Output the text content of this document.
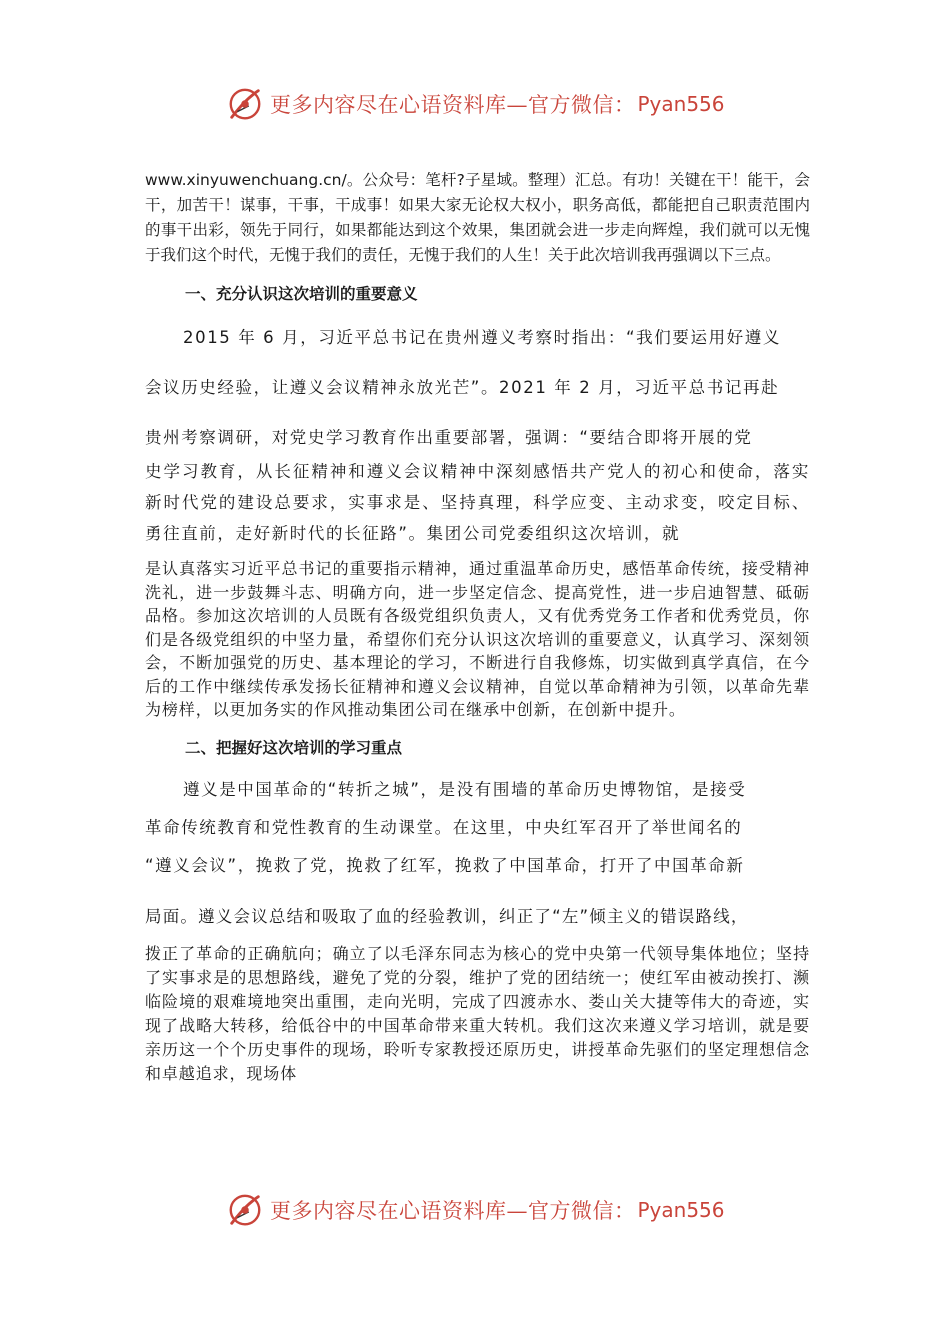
更多内容尽在心语资料库—官方微信： Pyan556

www.xinyuwenchuang.cn/。公众号：笔杆?子星域。整理）汇总。有功！关键在干！能干，会干，加苦干！谋事，干事，干成事！如果大家无论权大权小，职务高低，都能把自己职责范围内的事干出彩，领先于同行，如果都能达到这个效果，集团就会进一步走向辉煌，我们就可以无愧于我们这个时代，无愧于我们的责任，无愧于我们的人生！关于此次培训我再强调以下三点。

一、充分认识这次培训的重要意义

2015 年 6 月，习近平总书记在贵州遵义考察时指出：“我们要运用好遵义

会议历史经验，让遵义会议精神永放光芒”。2021 年 2 月，习近平总书记再赴

贵州考察调研，对党史学习教育作出重要部署，强调：“要结合即将开展的党

史学习教育，从长征精神和遵义会议精神中深刻感悟共产党人的初心和使命，落实新时代党的建设总要求，实事求是、坚持真理，科学应变、主动求变，咬定目标、勇往直前，走好新时代的长征路”。集团公司党委组织这次培训，就

是认真落实习近平总书记的重要指示精神，通过重温革命历史，感悟革命传统，接受精神洗礼，进一步鼓舞斗志、明确方向，进一步坚定信念、提高党性，进一步启迪智慧、砥砺品格。参加这次培训的人员既有各级党组织负责人，又有优秀党务工作者和优秀党员，你们是各级党组织的中坚力量，希望你们充分认识这次培训的重要意义，认真学习、深刻领会，不断加强党的历史、基本理论的学习，不断进行自我修炼，切实做到真学真信，在今后的工作中继续传承发扬长征精神和遵义会议精神，自觉以革命精神为引领，以革命先辈为榜样，以更加务实的作风推动集团公司在继承中创新，在创新中提升。

二、把握好这次培训的学习重点

遵义是中国革命的“转折之城”，是没有围墙的革命历史博物馆，是接受

革命传统教育和党性教育的生动课堂。在这里，中央红军召开了举世闻名的

“遵义会议”，挽救了党，挽救了红军，挽救了中国革命，打开了中国革命新

局面。遵义会议总结和吸取了血的经验教训，纠正了“左”倾主义的错误路线，

拨正了革命的正确航向；确立了以毛泽东同志为核心的党中央第一代领导集体地位；坚持了实事求是的思想路线，避免了党的分裂，维护了党的团结统一；使红军由被动挨打、濒临险境的艰难境地突出重围，走向光明，完成了四渡赤水、娄山关大捷等伟大的奇迹，实现了战略大转移，给低谷中的中国革命带来重大转机。我们这次来遵义学习培训，就是要亲历这一个个历史事件的现场，聆听专家教授还原历史，讲授革命先驱们的坚定理想信念和卓越追求，现场体

更多内容尽在心语资料库—官方微信： Pyan556
